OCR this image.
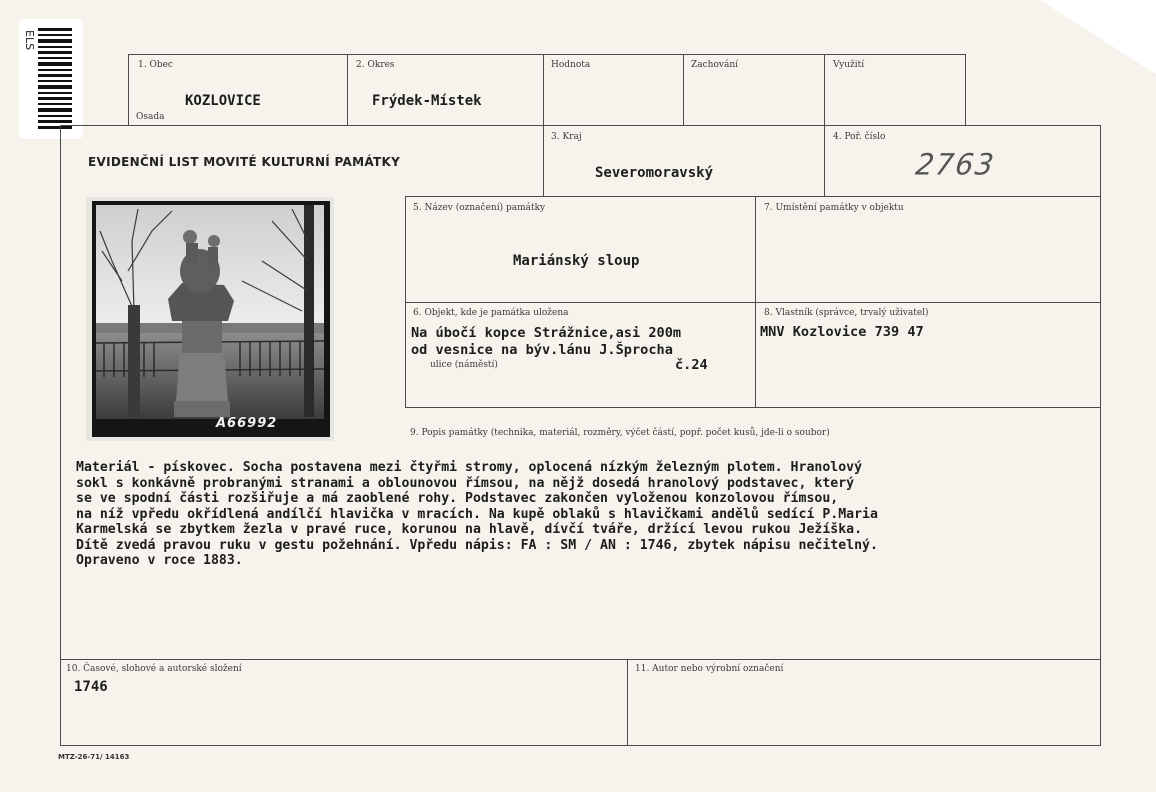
ELS
1. Obec
KOZLOVICE
Osada
2. Okres
Frýdek-Místek
Hodnota	Zachování	Využití
EVIDENČNÍ LIST MOVITÉ KULTURNÍ PAMÁTKY
3. Kraj
Severomoravský
4. Poř. číslo
2763
A66992
5. Název (označení) památky
Mariánský sloup
7. Umístění památky v objektu
6. Objekt, kde je památka uložena
Na úbočí kopce Strážnice,asi 200m
od vesnice na býv.lánu J.Šprocha
ulice (náměstí)	č.24
8. Vlastník (správce, trvalý uživatel)
MNV Kozlovice 739 47
9. Popis památky (technika, materiál, rozměry, výčet částí, popř. počet kusů, jde-li o soubor)
Materiál - pískovec. Socha postavena mezi čtyřmi stromy, oplocená nízkým železným plotem. Hranolový
sokl s konkávně probranými stranami a oblounovou římsou, na nějž dosedá hranolový podstavec, který
se ve spodní části rozšiřuje a má zaoblené rohy. Podstavec zakončen vyloženou konzolovou římsou,
na níž vpředu okřídlená andílčí hlavička v mracích. Na kupě oblaků s hlavičkami andělů sedící P.Maria
Karmelská se zbytkem žezla v pravé ruce, korunou na hlavě, dívčí tváře, držící levou rukou Ježíška.
Dítě zvedá pravou ruku v gestu požehnání. Vpředu nápis: FA : SM / AN : 1746, zbytek nápisu nečitelný.
Opraveno v roce 1883.
10. Časové, slohové a autorské složení
1746
11. Autor nebo výrobní označení
MTZ-26-71/ 14163
